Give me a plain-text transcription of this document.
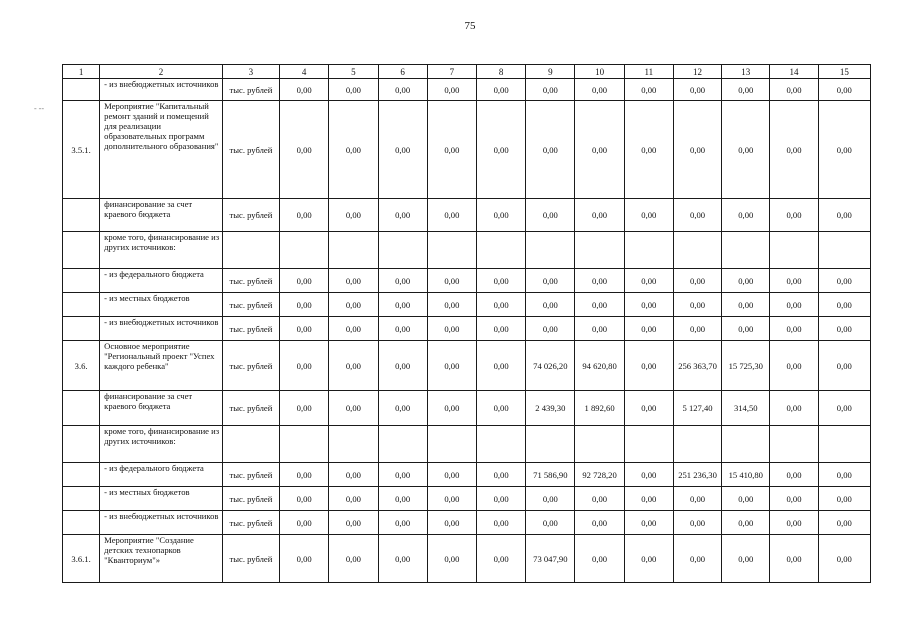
75
- --
1	2	3	4	5	6	7	8	9	10	11	12	13	14	15
	- из внебюджетных источников	тыс. рублей	0,00	0,00	0,00	0,00	0,00	0,00	0,00	0,00	0,00	0,00	0,00	0,00
3.5.1.	Мероприятие "Капитальный ремонт зданий и помещений для реализации образовательных программ дополнительного образования"	тыс. рублей	0,00	0,00	0,00	0,00	0,00	0,00	0,00	0,00	0,00	0,00	0,00	0,00
	финансирование за счет краевого бюджета	тыс. рублей	0,00	0,00	0,00	0,00	0,00	0,00	0,00	0,00	0,00	0,00	0,00	0,00
	кроме того, финансирование из других источников:													
	- из федерального бюджета	тыс. рублей	0,00	0,00	0,00	0,00	0,00	0,00	0,00	0,00	0,00	0,00	0,00	0,00
	- из местных бюджетов	тыс. рублей	0,00	0,00	0,00	0,00	0,00	0,00	0,00	0,00	0,00	0,00	0,00	0,00
	- из внебюджетных источников	тыс. рублей	0,00	0,00	0,00	0,00	0,00	0,00	0,00	0,00	0,00	0,00	0,00	0,00
3.6.	Основное мероприятие "Региональный проект "Успех каждого ребенка"	тыс. рублей	0,00	0,00	0,00	0,00	0,00	74 026,20	94 620,80	0,00	256 363,70	15 725,30	0,00	0,00
	финансирование за счет краевого бюджета	тыс. рублей	0,00	0,00	0,00	0,00	0,00	2 439,30	1 892,60	0,00	5 127,40	314,50	0,00	0,00
	кроме того, финансирование из других источников:													
	- из федерального бюджета	тыс. рублей	0,00	0,00	0,00	0,00	0,00	71 586,90	92 728,20	0,00	251 236,30	15 410,80	0,00	0,00
	- из местных бюджетов	тыс. рублей	0,00	0,00	0,00	0,00	0,00	0,00	0,00	0,00	0,00	0,00	0,00	0,00
	- из внебюджетных источников	тыс. рублей	0,00	0,00	0,00	0,00	0,00	0,00	0,00	0,00	0,00	0,00	0,00	0,00
3.6.1.	Мероприятие "Создание детских технопарков "Кванториум"»	тыс. рублей	0,00	0,00	0,00	0,00	0,00	73 047,90	0,00	0,00	0,00	0,00	0,00	0,00
